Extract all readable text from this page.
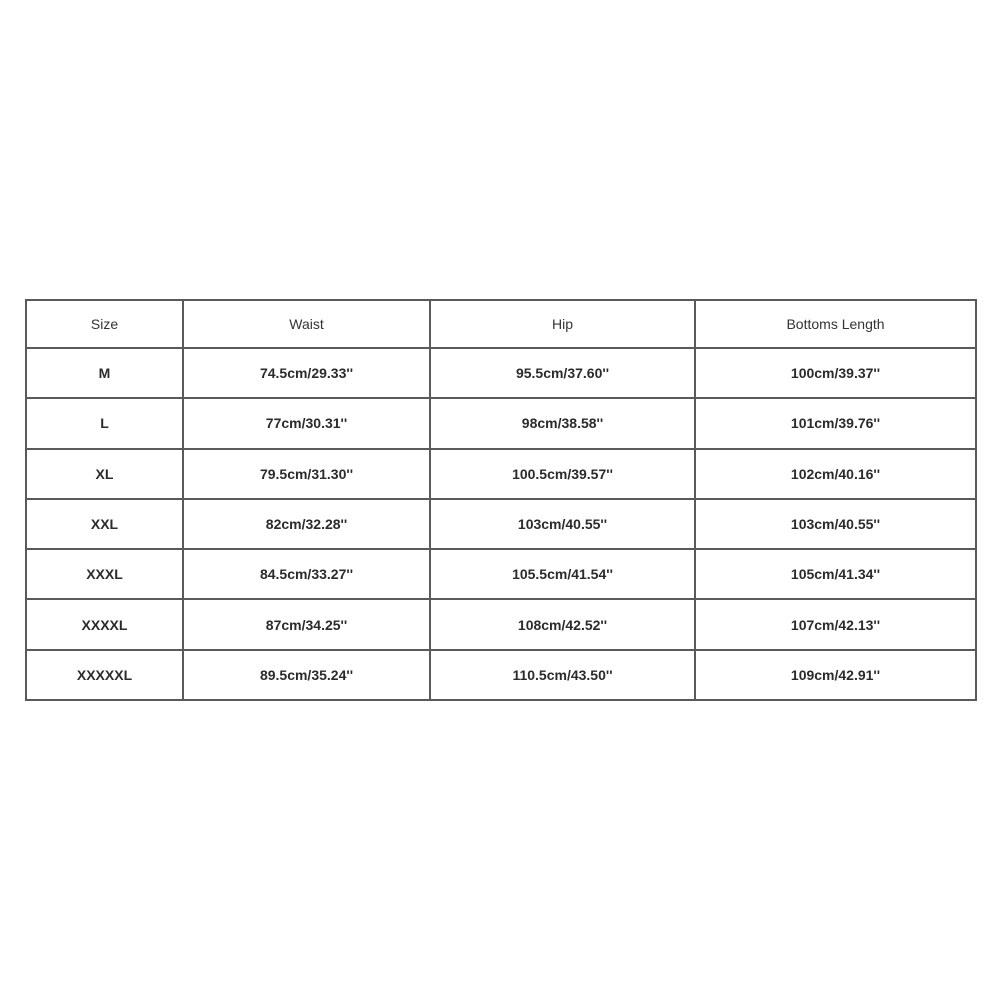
Size	Waist	Hip	Bottoms Length
M	74.5cm/29.33''	95.5cm/37.60''	100cm/39.37''
L	77cm/30.31''	98cm/38.58''	101cm/39.76''
XL	79.5cm/31.30''	100.5cm/39.57''	102cm/40.16''
XXL	82cm/32.28''	103cm/40.55''	103cm/40.55''
XXXL	84.5cm/33.27''	105.5cm/41.54''	105cm/41.34''
XXXXL	87cm/34.25''	108cm/42.52''	107cm/42.13''
XXXXXL	89.5cm/35.24''	110.5cm/43.50''	109cm/42.91''
